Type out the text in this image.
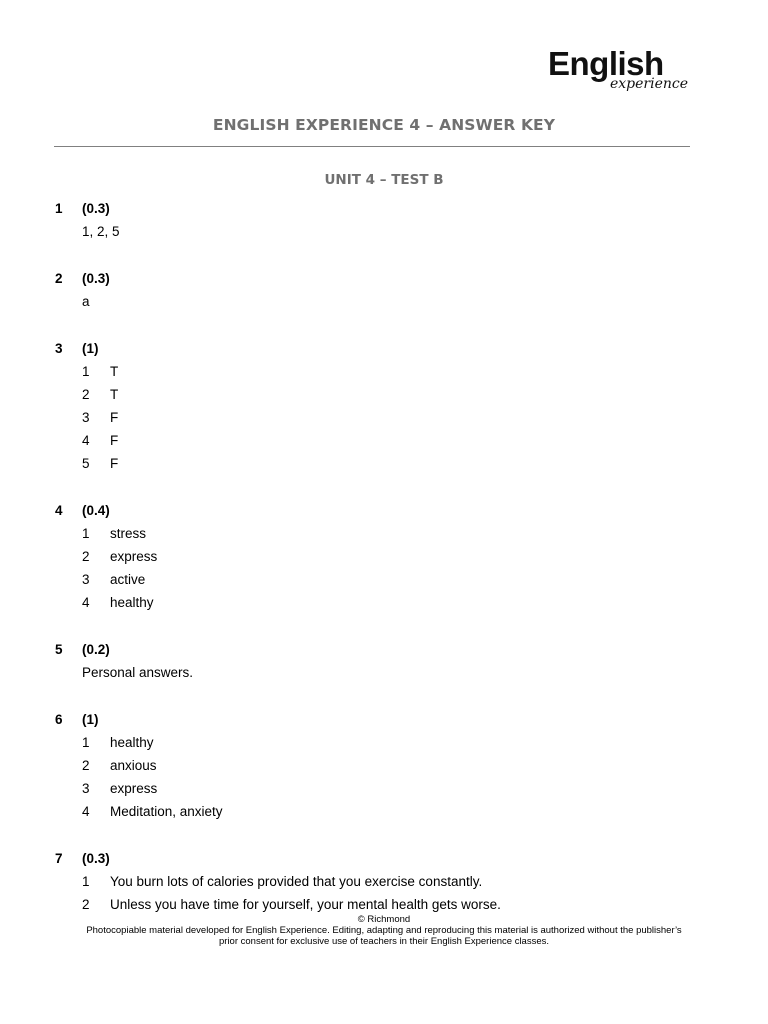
English
experience
ENGLISH EXPERIENCE 4 – ANSWER KEY
UNIT 4 – TEST B
1 (0.3)
1, 2, 5
2 (0.3)
a
3 (1)
1 T
2 T
3 F
4 F
5 F
4 (0.4)
1 stress
2 express
3 active
4 healthy
5 (0.2)
Personal answers.
6 (1)
1 healthy
2 anxious
3 express
4 Meditation, anxiety
7 (0.3)
1 You burn lots of calories provided that you exercise constantly.
2 Unless you have time for yourself, your mental health gets worse.
© Richmond
Photocopiable material developed for English Experience. Editing, adapting and reproducing this material is authorized without the publisher’s
prior consent for exclusive use of teachers in their English Experience classes.
